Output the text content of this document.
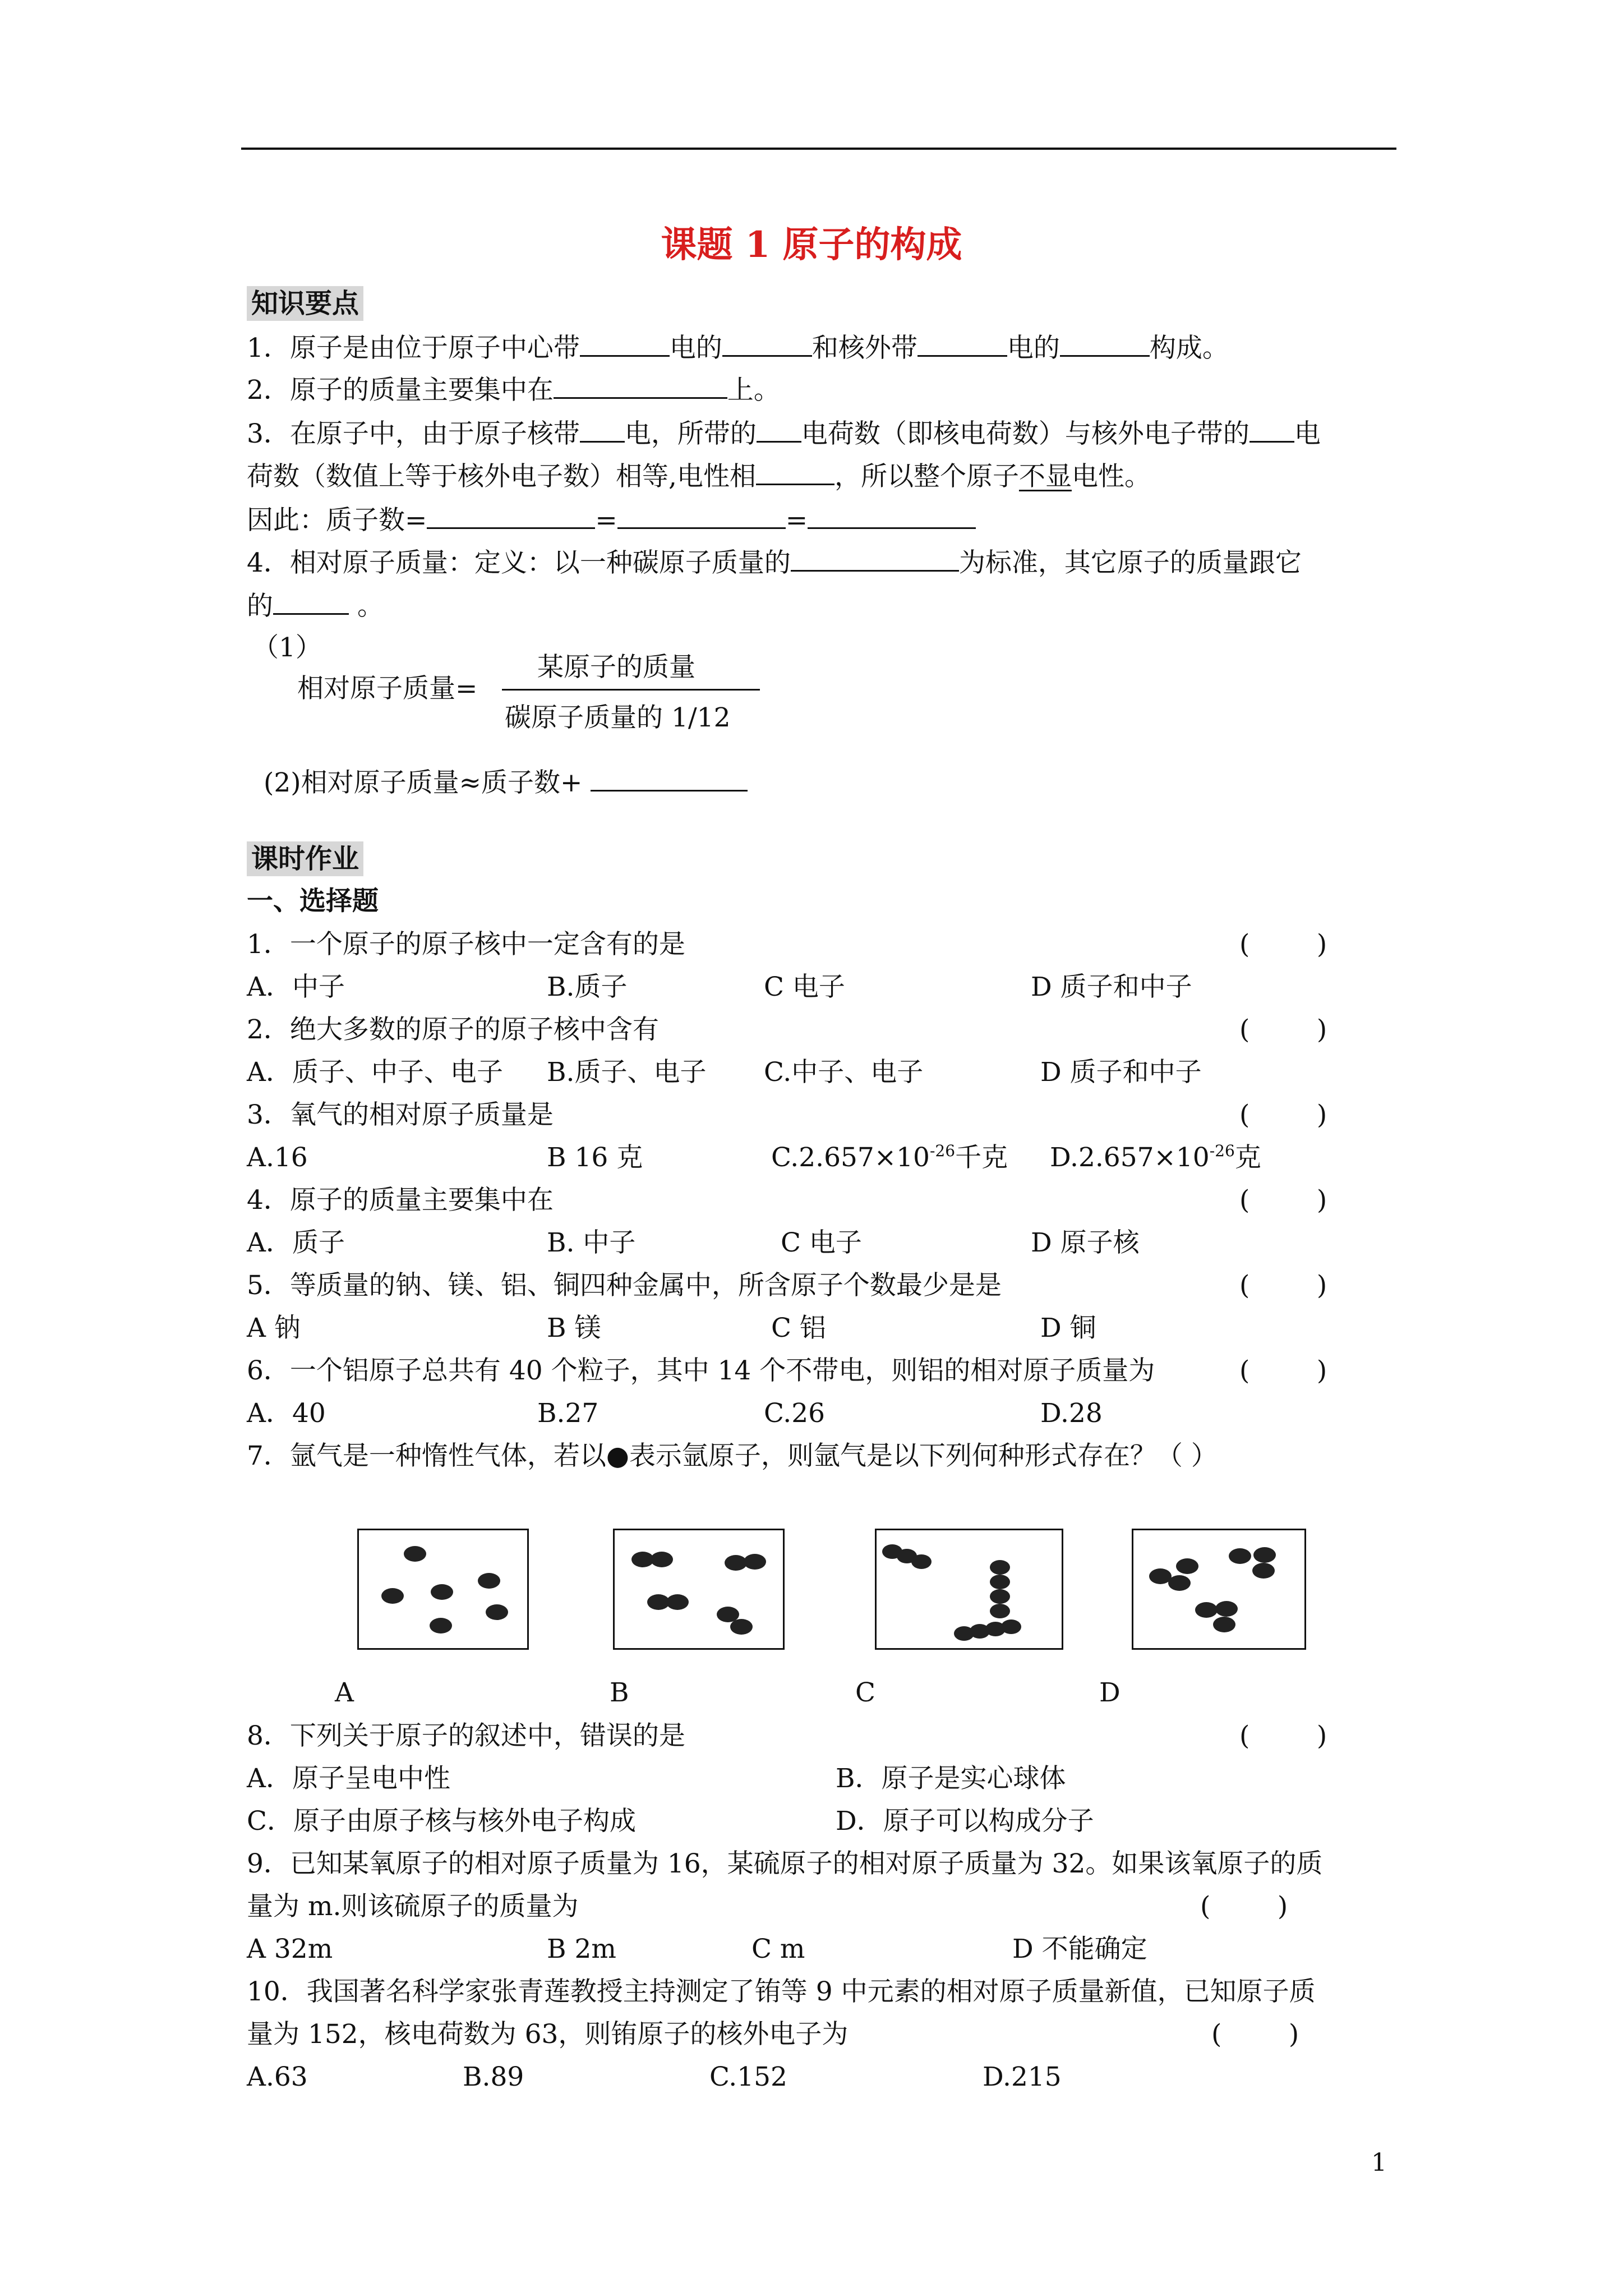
课题 1 原子的构成
知识要点
1．原子是由位于原子中心带	电的	和核外带	电的	构成。
2．原子的质量主要集中在	上。
3．在原子中，由于原子核带 电，所带的 电荷数（即核电荷数）与核外电子带的 电
荷数（数值上等于核外电子数）相等,电性相	，所以整个原子不显电性。
因此：质子数=	=	=
4．相对原子质量：定义：以一种碳原子质量的	为标准，其它原子的质量跟它
的	。
（1）
相对原子质量=
某原子的质量
碳原子质量的 1/12
(2)相对原子质量≈质子数+
课时作业
一、选择题
1．一个原子的原子核中一定含有的是	(        )
A．中子	B.质子	C 电子	D 质子和中子
2．绝大多数的原子的原子核中含有	(        )
A．质子、中子、电子 B.质子、电子 C.中子、电子	D 质子和中子
3．氧气的相对原子质量是	(        )
A.16	B 16 克	$C.2.657\times 10^{-26}$千克 $D.2.657\times 10^{-26}$克
4．原子的质量主要集中在	(        )
A．质子	B. 中子	C 电子	D 原子核
5．等质量的钠、镁、铝、铜四种金属中，所含原子个数最少是是	(        )
A 钠	B 镁	C 铝	D 铜
6．一个铝原子总共有 40 个粒子，其中 14 个不带电，则铝的相对原子质量为	(        )
A．40	B.27	C.26	D.28
7．氩气是一种惰性气体，若以●表示氩原子，则氩气是以下列何种形式存在？（ ）
A	B	C	D
8．下列关于原子的叙述中，错误的是	(        )
A．原子呈电中性	B．原子是实心球体
C．原子由原子核与核外电子构成	D．原子可以构成分子
9．已知某氧原子的相对原子质量为 16，某硫原子的相对原子质量为 32。如果该氧原子的质
量为 m.则该硫原子的质量为	(        )
A 32m	B 2m	C m	D 不能确定
10．我国著名科学家张青莲教授主持测定了铕等 9 中元素的相对原子质量新值，已知原子质
量为 152，核电荷数为 63，则铕原子的核外电子为	(        )
A.63	B.89	C.152	D.215
1
